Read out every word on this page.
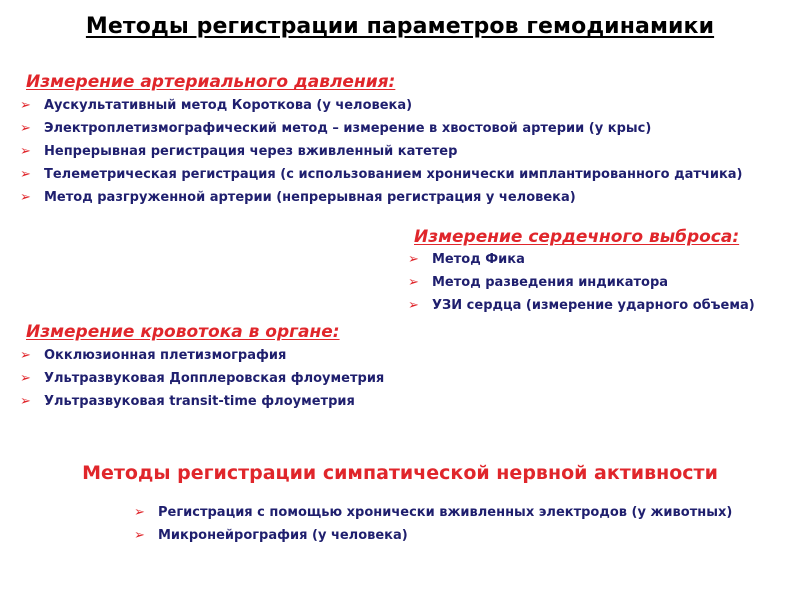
Методы регистрации параметров гемодинамики
Измерение артериального давления:
➢	Аускультативный метод Короткова (у человека)
➢	Электроплетизмографический метод – измерение в хвостовой артерии (у крыс)
➢	Непрерывная регистрация через вживленный катетер
➢	Телеметрическая регистрация (с использованием хронически имплантированного датчика)
➢	Метод разгруженной артерии (непрерывная регистрация у человека)
Измерение сердечного выброса:
➢	Метод Фика
➢	Метод разведения индикатора
➢	УЗИ сердца (измерение ударного объема)
Измерение кровотока в органе:
➢	Окклюзионная плетизмография
➢	Ультразвуковая Допплеровская флоуметрия
➢	Ультразвуковая transit-time флоуметрия
Методы регистрации симпатической нервной активности
➢	Регистрация с помощью хронически вживленных электродов (у животных)
➢	Микронейрография (у человека)
